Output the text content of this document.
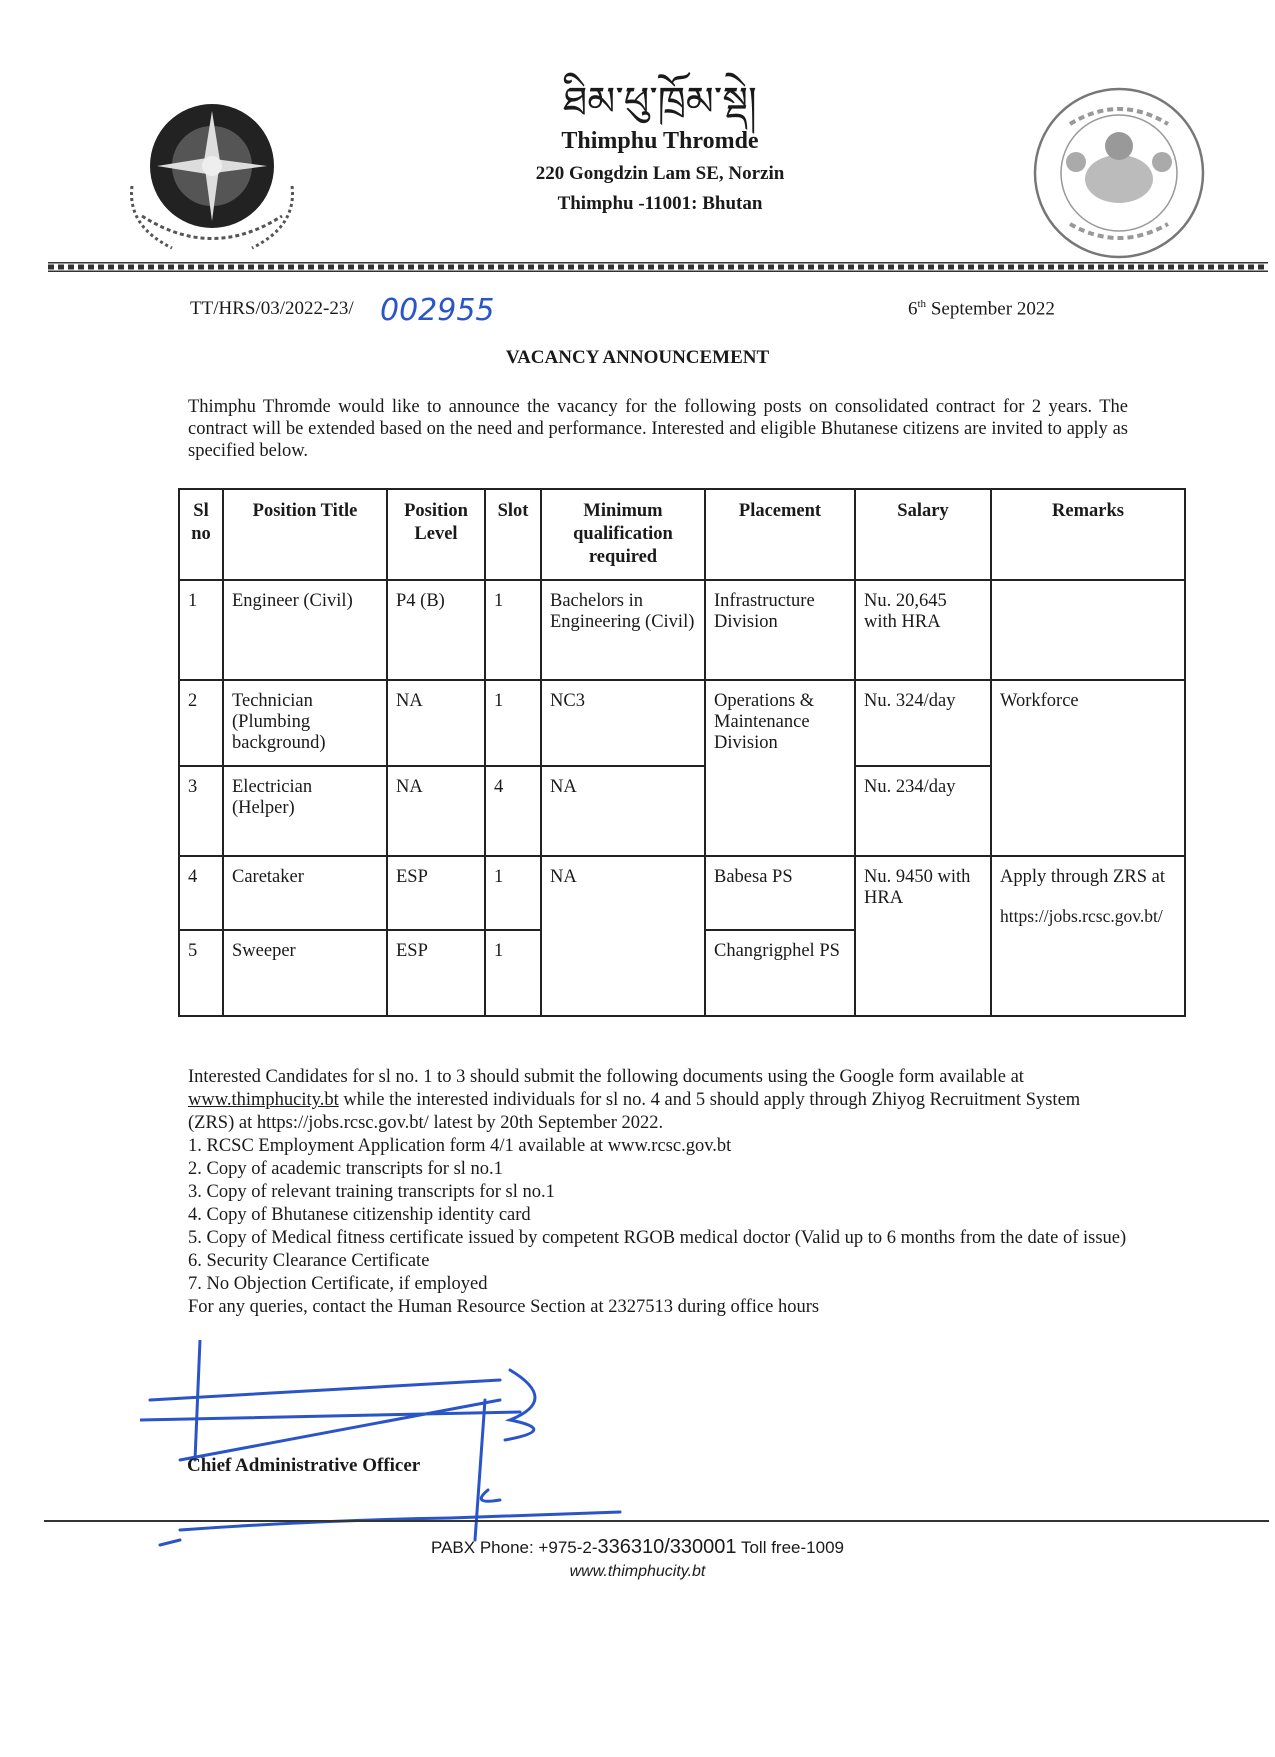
ཐིམ་ཕུ་ཁྲོམ་སྡེ།
Thimphu Thromde
220 Gongdzin Lam SE, Norzin
Thimphu -11001: Bhutan
TT/HRS/03/2022-23/ 002955	6th September 2022
VACANCY ANNOUNCEMENT
Thimphu Thromde would like to announce the vacancy for the following posts on consolidated contract for 2 years. The contract will be extended based on the need and performance. Interested and eligible Bhutanese citizens are invited to apply as specified below.
Sl no	Position Title	Position Level	Slot	Minimum qualification required	Placement	Salary	Remarks
1	Engineer (Civil)	P4 (B)	1	Bachelors in Engineering (Civil)	Infrastructure Division	Nu. 20,645 with HRA	
2	Technician (Plumbing background)	NA	1	NC3	Operations & Maintenance Division	Nu. 324/day	Workforce
3	Electrician (Helper)	NA	4	NA		Nu. 234/day	
4	Caretaker	ESP	1	NA	Babesa PS	Nu. 9450 with HRA	Apply through ZRS at
https://jobs.rcsc.gov.bt/

5	Sweeper	ESP	1		Changrigphel PS		

Interested Candidates for sl no. 1 to 3 should submit the following documents using the Google form available at www.thimphucity.bt while the interested individuals for sl no. 4 and 5 should apply through Zhiyog Recruitment System (ZRS) at https://jobs.rcsc.gov.bt/ latest by 20th September 2022.

1. RCSC Employment Application form 4/1 available at www.rcsc.gov.bt

2. Copy of academic transcripts for sl no.1

3. Copy of relevant training transcripts for sl no.1

4. Copy of Bhutanese citizenship identity card

5. Copy of Medical fitness certificate issued by competent RGOB medical doctor (Valid up to 6 months from the date of issue)

6. Security Clearance Certificate

7. No Objection Certificate, if employed

For any queries, contact the Human Resource Section at 2327513 during office hours

Chief Administrative Officer
PABX Phone: +975-2-336310/330001 Toll free-1009
www.thimphucity.bt
